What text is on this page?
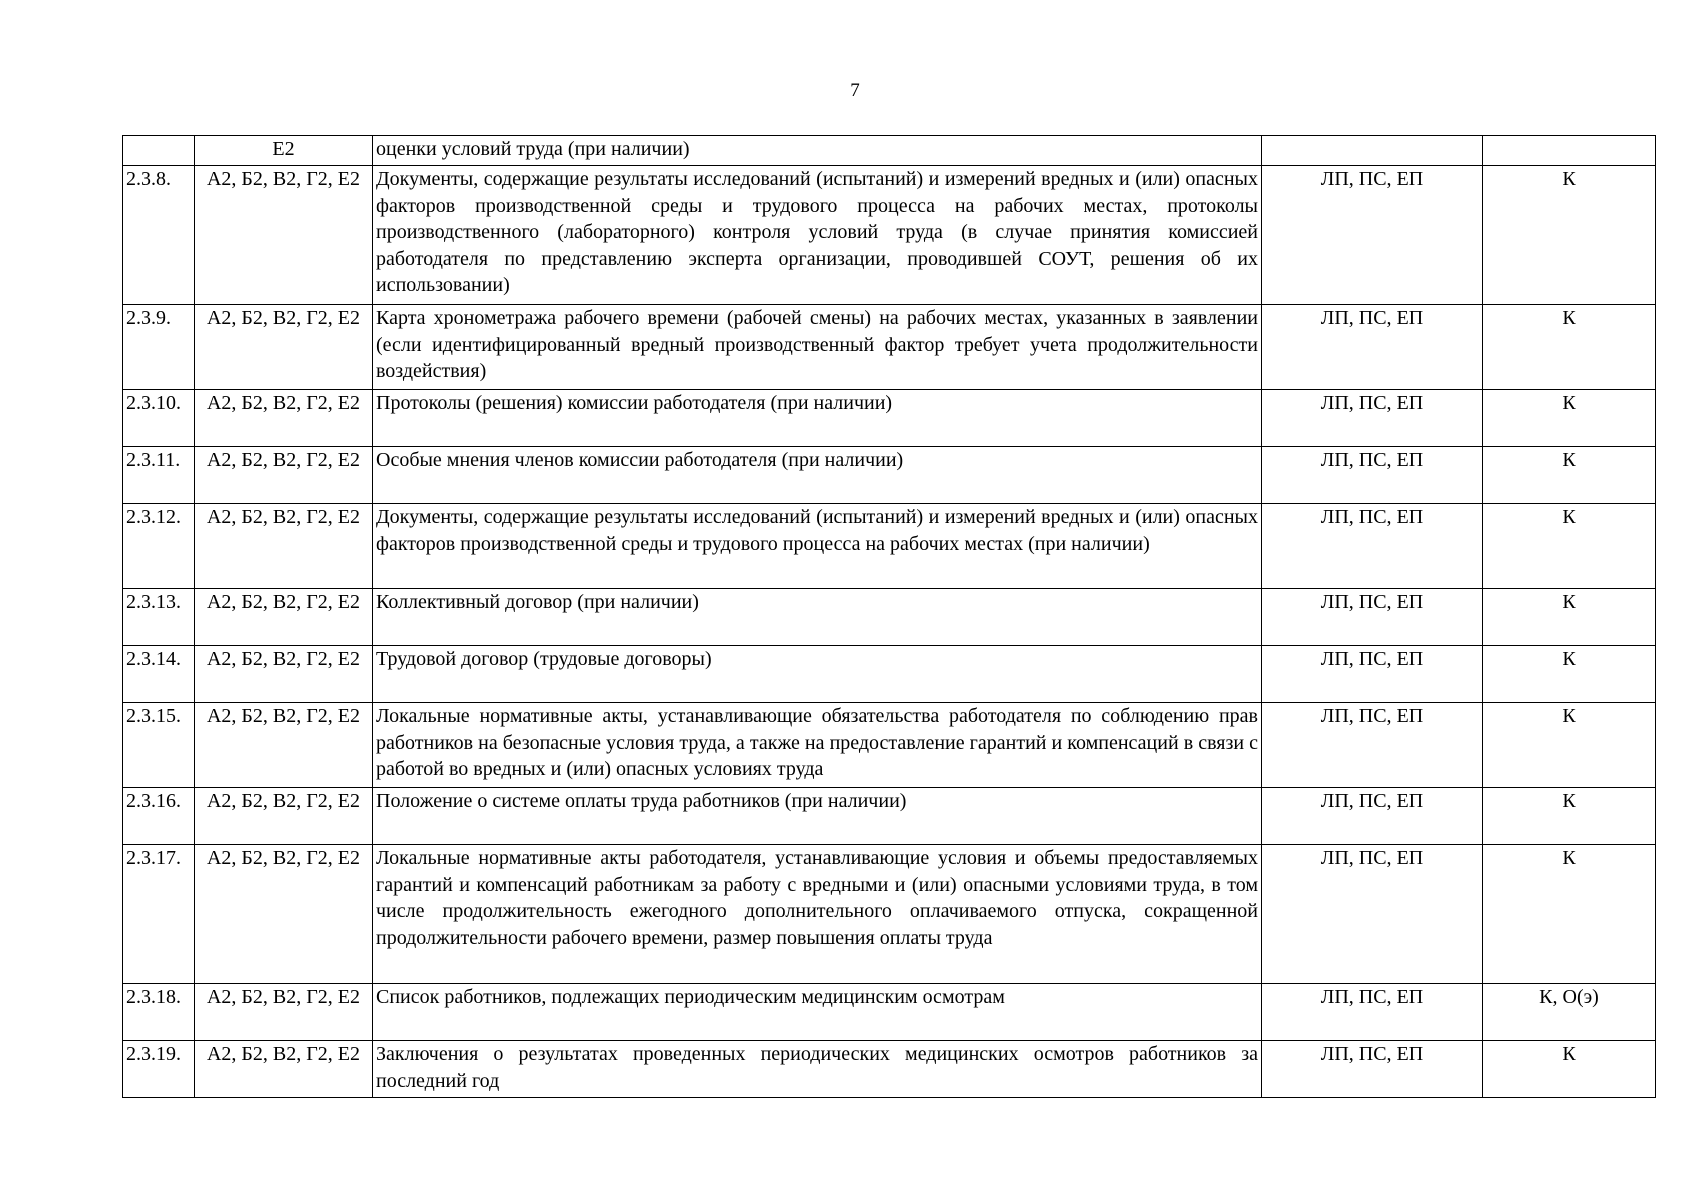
7
	Е2	оценки условий труда (при наличии)		
2.3.8.	А2, Б2, В2, Г2, Е2	Документы, содержащие результаты исследований (испытаний) и измерений вредных и (или) опасных факторов производственной среды и трудового процесса на рабочих местах, протоколы производственного (лабораторного) контроля условий труда (в случае принятия комиссией работодателя по представлению эксперта организации, проводившей СОУТ, решения об их использовании)	ЛП, ПС, ЕП	К
2.3.9.	А2, Б2, В2, Г2, Е2	Карта хронометража рабочего времени (рабочей смены) на рабочих местах, указанных в заявлении (если идентифицированный вредный производственный фактор требует учета продолжительности воздействия)	ЛП, ПС, ЕП	К
2.3.10.	А2, Б2, В2, Г2, Е2	Протоколы (решения) комиссии работодателя (при наличии)	ЛП, ПС, ЕП	К
2.3.11.	А2, Б2, В2, Г2, Е2	Особые мнения членов комиссии работодателя (при наличии)	ЛП, ПС, ЕП	К
2.3.12.	А2, Б2, В2, Г2, Е2	Документы, содержащие результаты исследований (испытаний) и измерений вредных и (или) опасных факторов производственной среды и трудового процесса на рабочих местах (при наличии)	ЛП, ПС, ЕП	К
2.3.13.	А2, Б2, В2, Г2, Е2	Коллективный договор (при наличии)	ЛП, ПС, ЕП	К
2.3.14.	А2, Б2, В2, Г2, Е2	Трудовой договор (трудовые договоры)	ЛП, ПС, ЕП	К
2.3.15.	А2, Б2, В2, Г2, Е2	Локальные нормативные акты, устанавливающие обязательства работодателя по соблюдению прав работников на безопасные условия труда, а также на предоставление гарантий и компенсаций в связи с работой во вредных и (или) опасных условиях труда	ЛП, ПС, ЕП	К
2.3.16.	А2, Б2, В2, Г2, Е2	Положение о системе оплаты труда работников (при наличии)	ЛП, ПС, ЕП	К
2.3.17.	А2, Б2, В2, Г2, Е2	Локальные нормативные акты работодателя, устанавливающие условия и объемы предоставляемых гарантий и компенсаций работникам за работу с вредными и (или) опасными условиями труда, в том числе продолжительность ежегодного дополнительного оплачиваемого отпуска, сокращенной продолжительности рабочего времени, размер повышения оплаты труда	ЛП, ПС, ЕП	К
2.3.18.	А2, Б2, В2, Г2, Е2	Список работников, подлежащих периодическим медицинским осмотрам	ЛП, ПС, ЕП	К, О(э)
2.3.19.	А2, Б2, В2, Г2, Е2	Заключения о результатах проведенных периодических медицинских осмотров работников за последний год	ЛП, ПС, ЕП	К
